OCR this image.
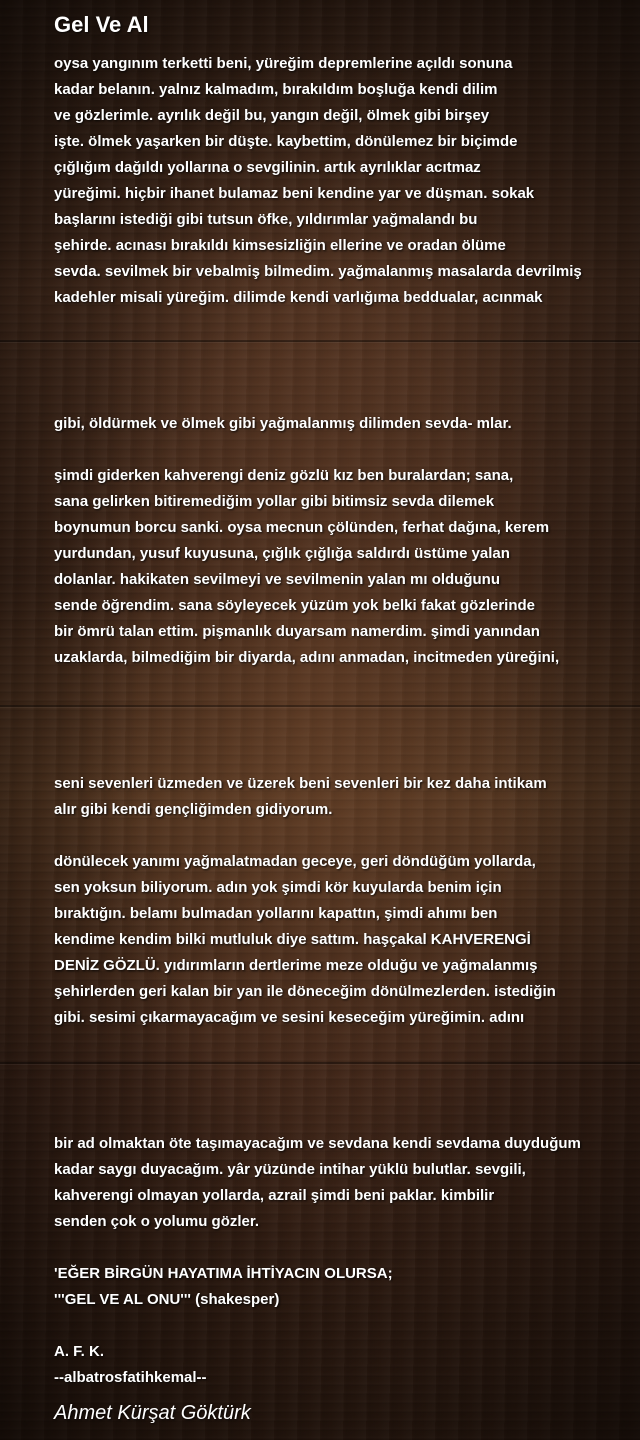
Gel Ve Al

oysa yangınım terketti beni, yüreğim depremlerine açıldı sonuna

kadar belanın. yalnız kalmadım, bırakıldım boşluğa kendi dilim

ve gözlerimle. ayrılık değil bu, yangın değil, ölmek gibi birşey

işte. ölmek yaşarken bir düşte. kaybettim, dönülemez bir biçimde

çığlığım dağıldı yollarına o sevgilinin. artık ayrılıklar acıtmaz

yüreğimi. hiçbir ihanet bulamaz beni kendine yar ve düşman. sokak

başlarını istediği gibi tutsun öfke, yıldırımlar yağmalandı bu

şehirde. acınası bırakıldı kimsesizliğin ellerine ve oradan ölüme

sevda. sevilmek bir vebalmiş bilmedim. yağmalanmış masalarda devrilmiş

kadehler misali yüreğim. dilimde kendi varlığıma beddualar, acınmak

gibi, öldürmek ve ölmek gibi yağmalanmış dilimden sevda- mlar.

şimdi giderken kahverengi deniz gözlü kız ben buralardan; sana,

sana gelirken bitiremediğim yollar gibi bitimsiz sevda dilemek

boynumun borcu sanki. oysa mecnun çölünden, ferhat dağına, kerem

yurdundan, yusuf kuyusuna, çığlık çığlığa saldırdı üstüme yalan

dolanlar. hakikaten sevilmeyi ve sevilmenin yalan mı olduğunu

sende öğrendim. sana söyleyecek yüzüm yok belki fakat gözlerinde

bir ömrü talan ettim. pişmanlık duyarsam namerdim. şimdi yanından

uzaklarda, bilmediğim bir diyarda, adını anmadan, incitmeden yüreğini,

seni sevenleri üzmeden ve üzerek beni sevenleri bir kez daha intikam

alır gibi kendi gençliğimden gidiyorum.

dönülecek yanımı yağmalatmadan geceye, geri döndüğüm yollarda,

sen yoksun biliyorum. adın yok şimdi kör kuyularda benim için

bıraktığın. belamı bulmadan yollarını kapattın, şimdi ahımı ben

kendime kendim bilki mutluluk diye sattım. haşçakal KAHVERENGİ

DENİZ GÖZLÜ. yıdırımların dertlerime meze olduğu ve yağmalanmış

şehirlerden geri kalan bir yan ile döneceğim dönülmezlerden. istediğin

gibi. sesimi çıkarmayacağım ve sesini keseceğim yüreğimin. adını

bir ad olmaktan öte taşımayacağım ve sevdana kendi sevdama duyduğum

kadar saygı duyacağım. yâr yüzünde intihar yüklü bulutlar. sevgili,

kahverengi olmayan yollarda, azrail şimdi beni paklar. kimbilir

senden çok o yolumu gözler.

'EĞER BİRGÜN HAYATIMA İHTİYACIN OLURSA;

'''GEL VE AL ONU''' (shakesper)

A. F. K.

--albatrosfatihkemal--

Ahmet Kürşat Göktürk
